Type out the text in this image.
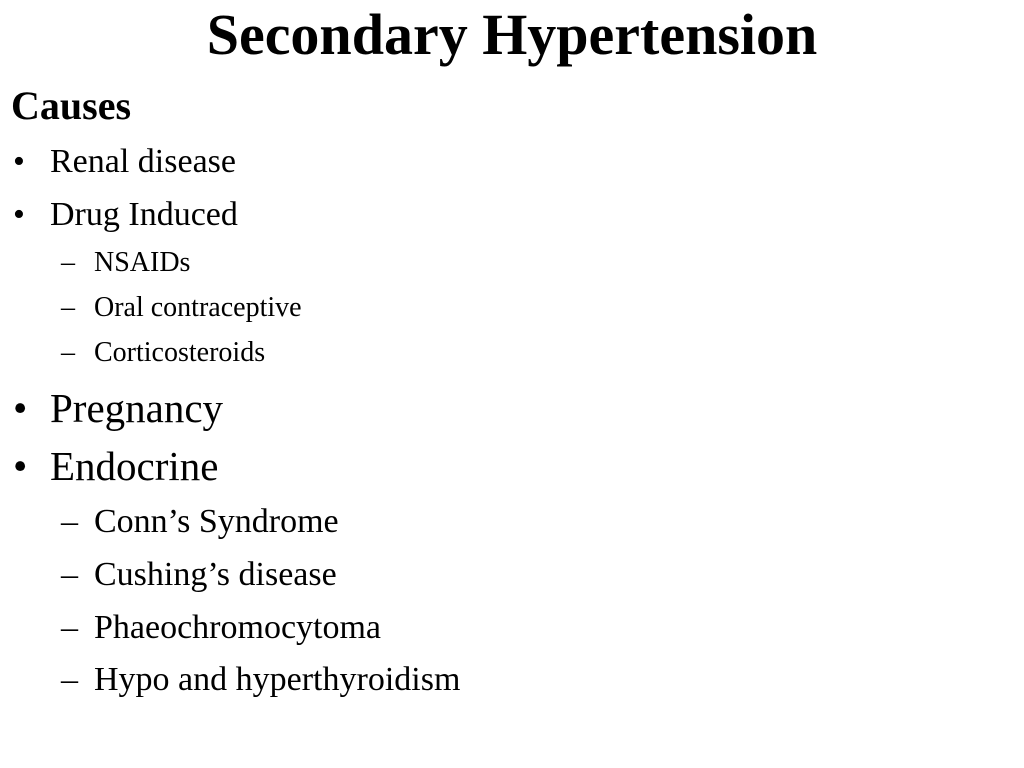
Secondary Hypertension
Causes
• Renal disease
• Drug Induced
– NSAIDs
– Oral contraceptive
– Corticosteroids
• Pregnancy
• Endocrine
– Conn’s Syndrome
– Cushing’s disease
– Phaeochromocytoma
– Hypo and hyperthyroidism
